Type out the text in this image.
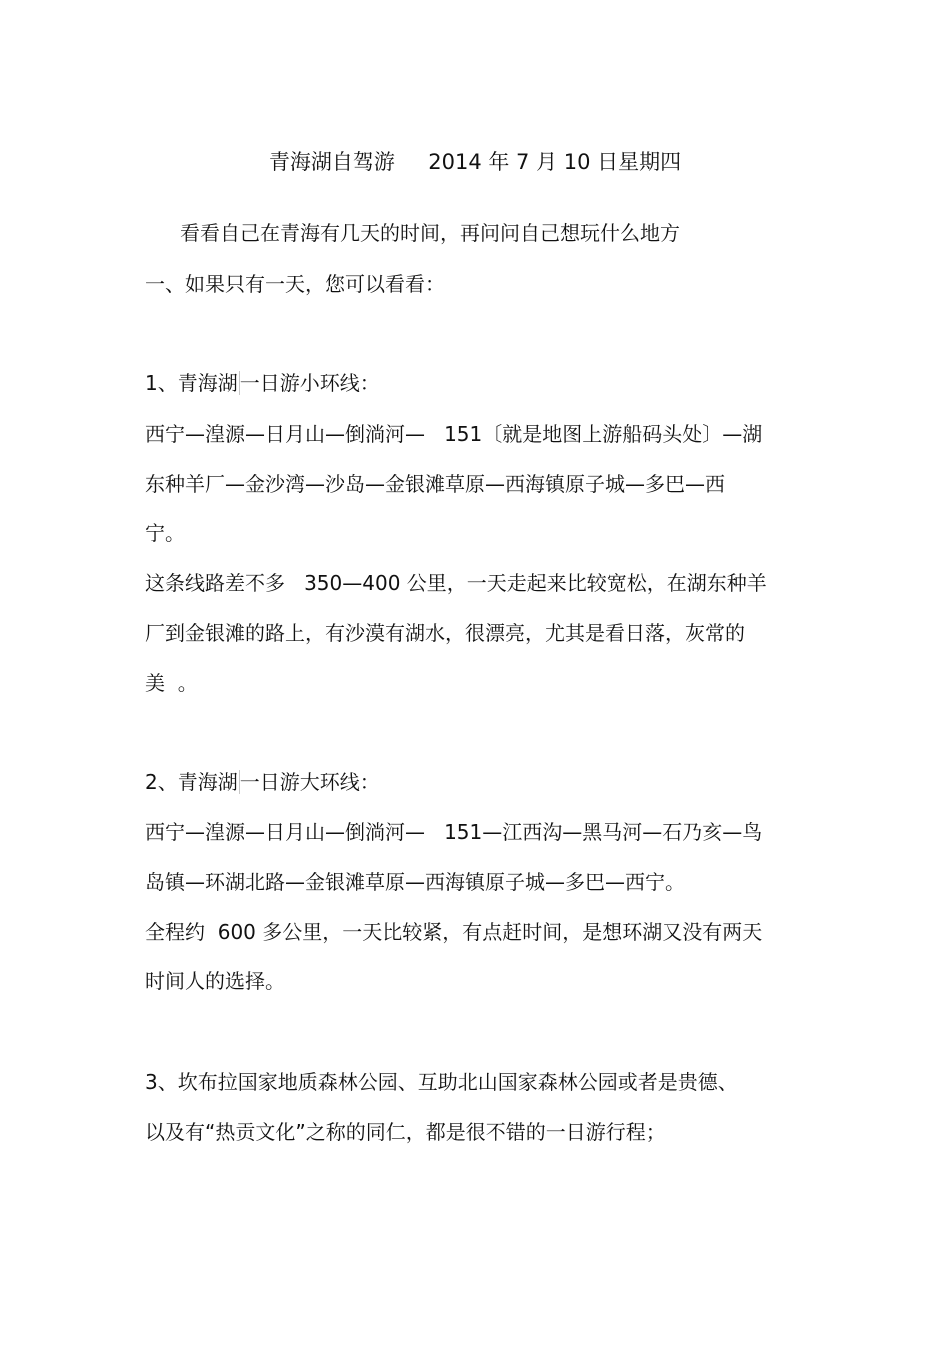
青海湖自驾游     2014 年 7 月 10 日星期四

看看自己在青海有几天的时间，再问问自己想玩什么地方

一、如果只有一天，您可以看看：

1、青海湖 一日游小环线：

西宁—湟源—日月山—倒淌河—   151〔就是地图上游船码头处〕—湖

东种羊厂—金沙湾—沙岛—金银滩草原—西海镇原子城—多巴—西

宁。

这条线路差不多   350—400 公里，一天走起来比较宽松，在湖东种羊

厂到金银滩的路上，有沙漠有湖水，很漂亮，尤其是看日落，灰常的

美  。

2、青海湖 一日游大环线：

西宁—湟源—日月山—倒淌河—   151—江西沟—黑马河—石乃亥—鸟

岛镇—环湖北路—金银滩草原—西海镇原子城—多巴—西宁。

全程约  600 多公里，一天比较紧，有点赶时间，是想环湖又没有两天

时间人的选择。

3、坎布拉国家地质森林公园、互助北山国家森林公园或者是贵德、

以及有“热贡文化”之称的同仁，都是很不错的一日游行程；
